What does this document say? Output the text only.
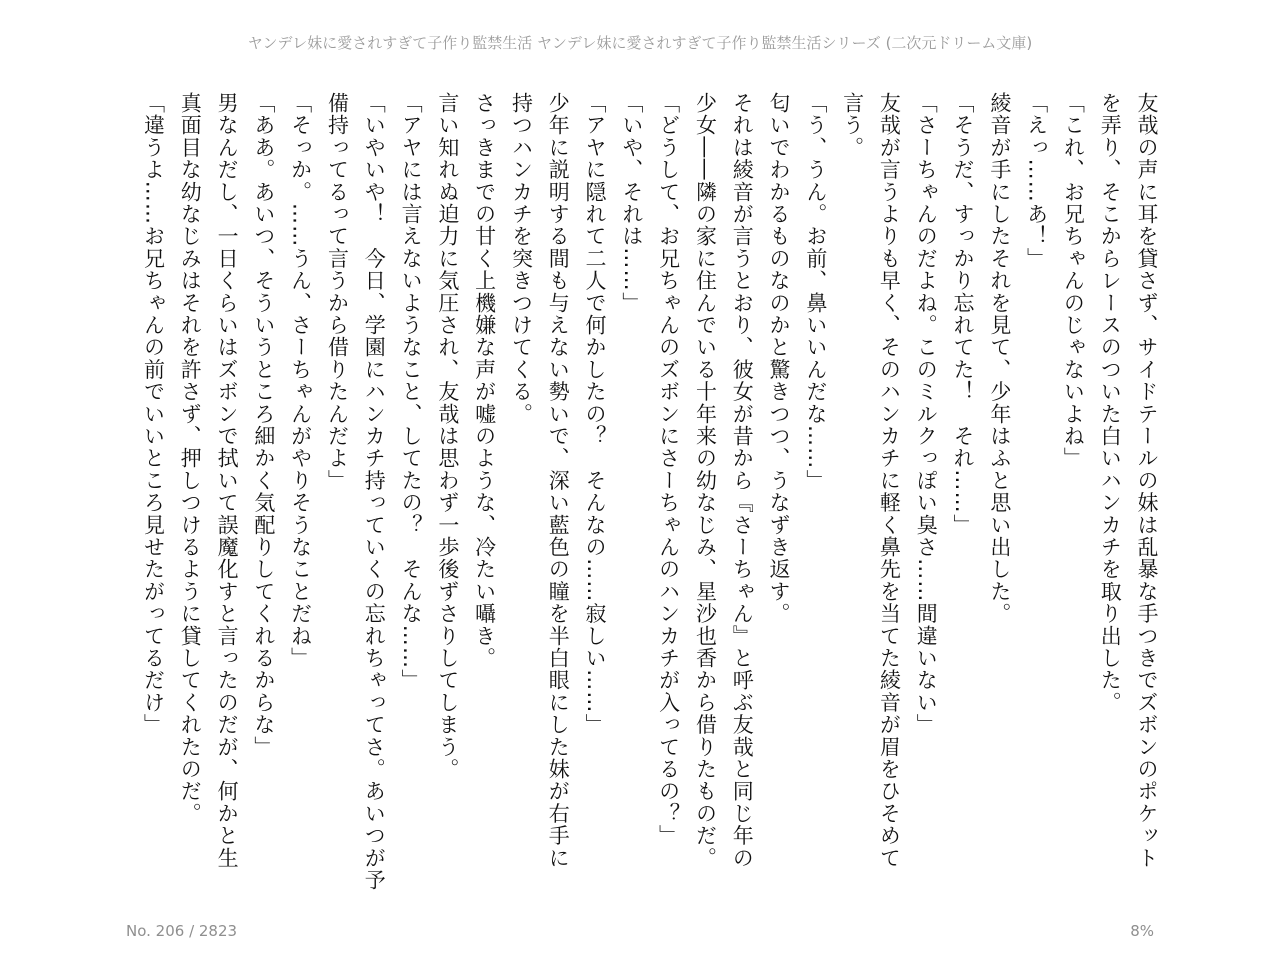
ヤンデレ妹に愛されすぎて子作り監禁生活 ヤンデレ妹に愛されすぎて子作り監禁生活シリーズ (二次元ドリーム文庫)
友哉の声に耳を貸さず、サイドテールの妹は乱暴な手つきでズボンのポケット
を弄り、そこからレースのついた白いハンカチを取り出した。
「これ、お兄ちゃんのじゃないよね」
「えっ……あ！」
綾音が手にしたそれを見て、少年はふと思い出した。
「そうだ、すっかり忘れてた！　それ……」
「さーちゃんのだよね。このミルクっぽい臭さ……間違いない」
友哉が言うよりも早く、そのハンカチに軽く鼻先を当てた綾音が眉をひそめて
言う。
「う、うん。お前、鼻いいんだな……」
匂いでわかるものなのかと驚きつつ、うなずき返す。
それは綾音が言うとおり、彼女が昔から『さーちゃん』と呼ぶ友哉と同じ年の
少女――隣の家に住んでいる十年来の幼なじみ、星沙也香から借りたものだ。
「どうして、お兄ちゃんのズボンにさーちゃんのハンカチが入ってるの？」
「いや、それは……」
「アヤに隠れて二人で何かしたの？　そんなの……寂しい……」
少年に説明する間も与えない勢いで、深い藍色の瞳を半白眼にした妹が右手に
持つハンカチを突きつけてくる。
さっきまでの甘く上機嫌な声が嘘のような、冷たい囁き。
言い知れぬ迫力に気圧され、友哉は思わず一歩後ずさりしてしまう。
「アヤには言えないようなこと、してたの？　そんな……」
「いやいや！　今日、学園にハンカチ持っていくの忘れちゃってさ。あいつが予
備持ってるって言うから借りたんだよ」
「そっか。……うん、さーちゃんがやりそうなことだね」
「ああ。あいつ、そういうところ細かく気配りしてくれるからな」
男なんだし、一日くらいはズボンで拭いて誤魔化すと言ったのだが、何かと生
真面目な幼なじみはそれを許さず、押しつけるように貸してくれたのだ。
「違うよ……お兄ちゃんの前でいいところ見せたがってるだけ」
No. 206 / 2823	8%
